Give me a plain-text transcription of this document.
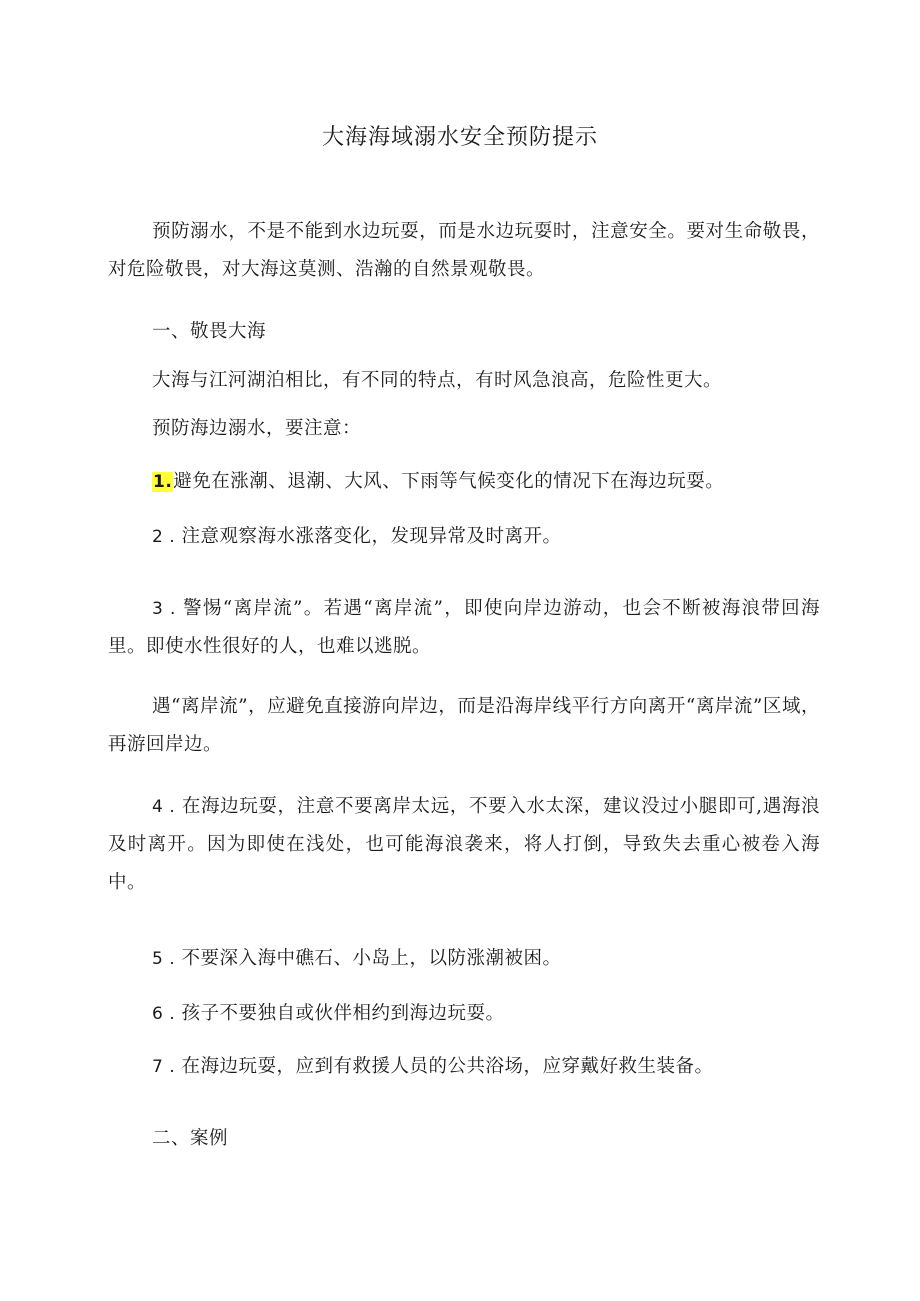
大海海域溺水安全预防提示
预防溺水，不是不能到水边玩耍，而是水边玩耍时，注意安全。要对生命敬畏，对危险敬畏，对大海这莫测、浩瀚的自然景观敬畏。
一、敬畏大海
大海与江河湖泊相比，有不同的特点，有时风急浪高，危险性更大。
预防海边溺水，要注意：
1.避免在涨潮、退潮、大风、下雨等气候变化的情况下在海边玩耍。
2 . 注意观察海水涨落变化，发现异常及时离开。
3 . 警惕“离岸流”。若遇“离岸流”，即使向岸边游动，也会不断被海浪带回海里。即使水性很好的人，也难以逃脱。
遇“离岸流”，应避免直接游向岸边，而是沿海岸线平行方向离开“离岸流”区域，再游回岸边。
4 . 在海边玩耍，注意不要离岸太远，不要入水太深，建议没过小腿即可,遇海浪及时离开。因为即使在浅处，也可能海浪袭来，将人打倒，导致失去重心被卷入海中。
5 . 不要深入海中礁石、小岛上，以防涨潮被困。
6 . 孩子不要独自或伙伴相约到海边玩耍。
7 . 在海边玩耍，应到有救援人员的公共浴场，应穿戴好救生装备。
二、案例
